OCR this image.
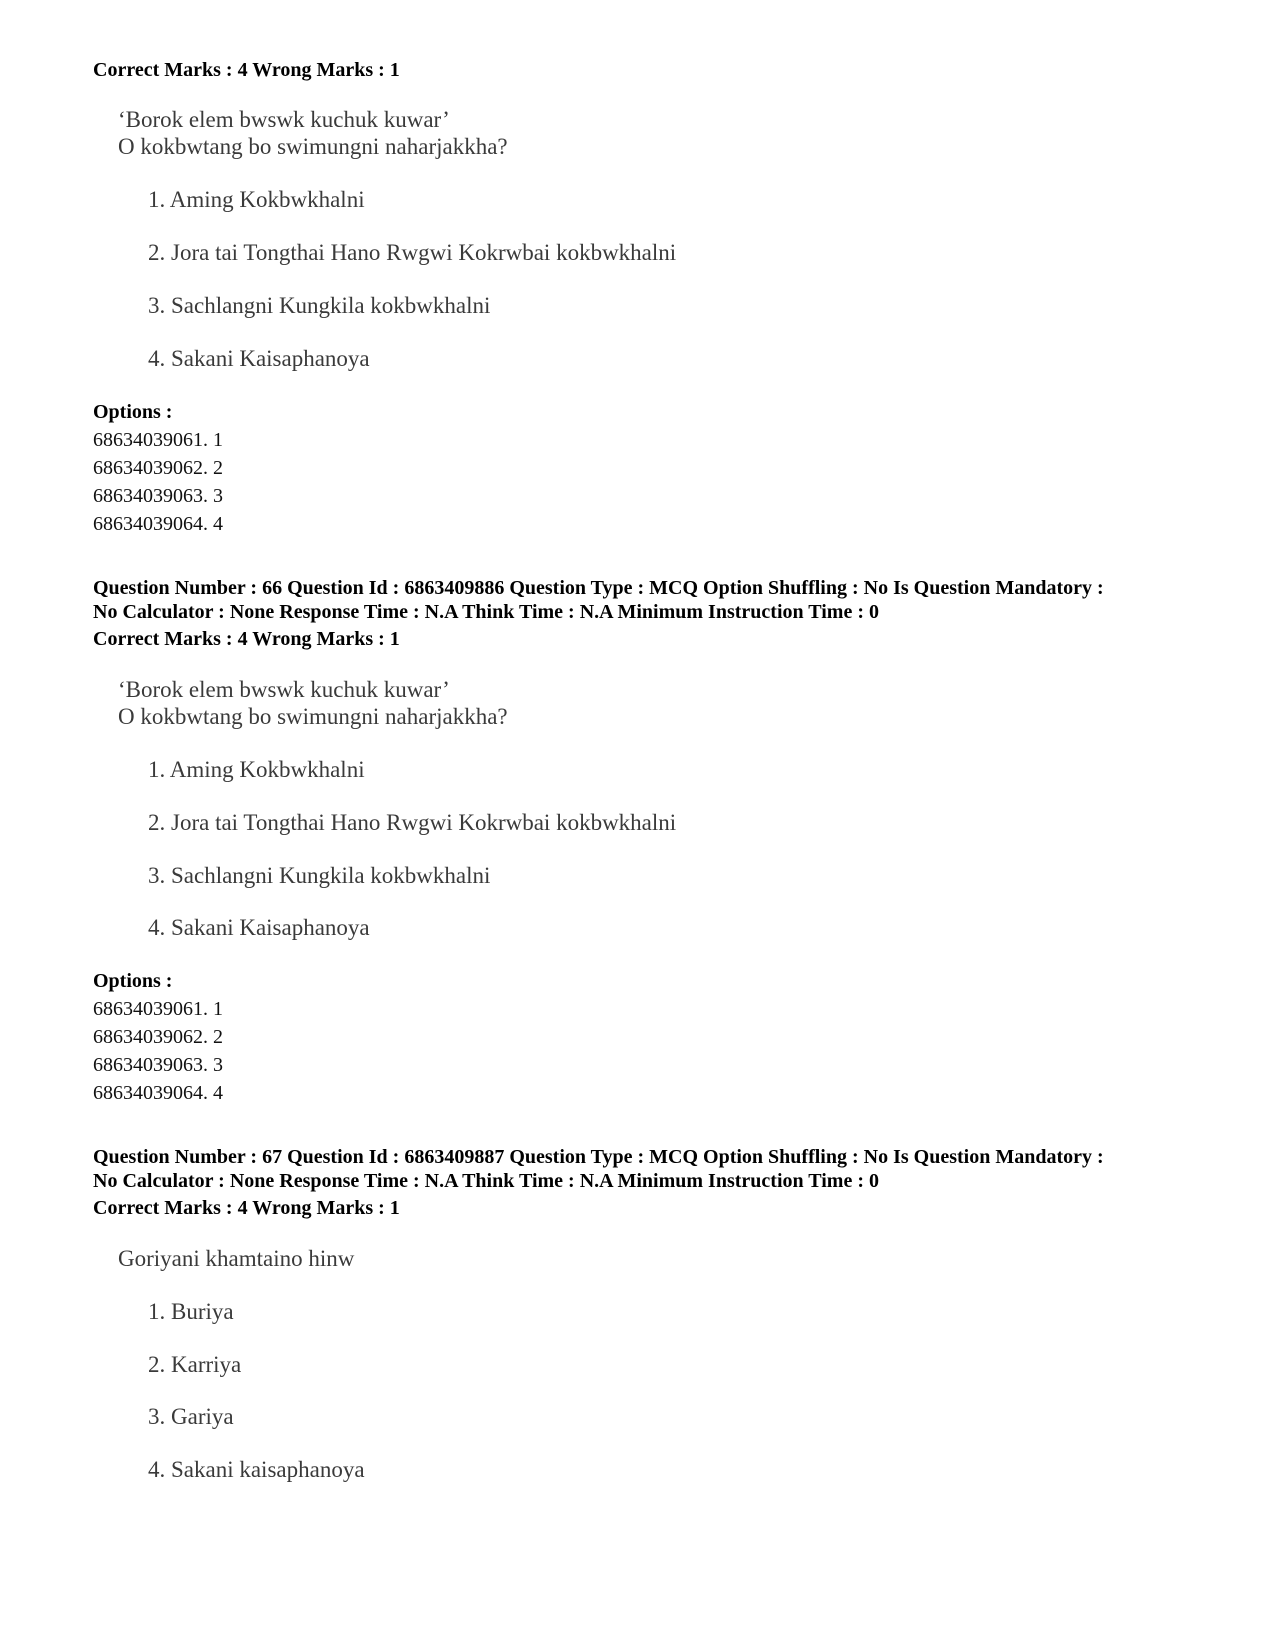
Correct Marks : 4 Wrong Marks : 1
‘Borok elem bwswk kuchuk kuwar’
O kokbwtang bo swimungni naharjakkha?
1. Aming Kokbwkhalni
2. Jora tai Tongthai Hano Rwgwi Kokrwbai kokbwkhalni
3. Sachlangni Kungkila kokbwkhalni
4. Sakani Kaisaphanoya
Options :
68634039061. 1
68634039062. 2
68634039063. 3
68634039064. 4
Question Number : 66 Question Id : 6863409886 Question Type : MCQ Option Shuffling : No Is Question Mandatory :
No Calculator : None Response Time : N.A Think Time : N.A Minimum Instruction Time : 0
Correct Marks : 4 Wrong Marks : 1
‘Borok elem bwswk kuchuk kuwar’
O kokbwtang bo swimungni naharjakkha?
1. Aming Kokbwkhalni
2. Jora tai Tongthai Hano Rwgwi Kokrwbai kokbwkhalni
3. Sachlangni Kungkila kokbwkhalni
4. Sakani Kaisaphanoya
Options :
68634039061. 1
68634039062. 2
68634039063. 3
68634039064. 4
Question Number : 67 Question Id : 6863409887 Question Type : MCQ Option Shuffling : No Is Question Mandatory :
No Calculator : None Response Time : N.A Think Time : N.A Minimum Instruction Time : 0
Correct Marks : 4 Wrong Marks : 1
Goriyani khamtaino hinw
1. Buriya
2. Karriya
3. Gariya
4. Sakani kaisaphanoya
